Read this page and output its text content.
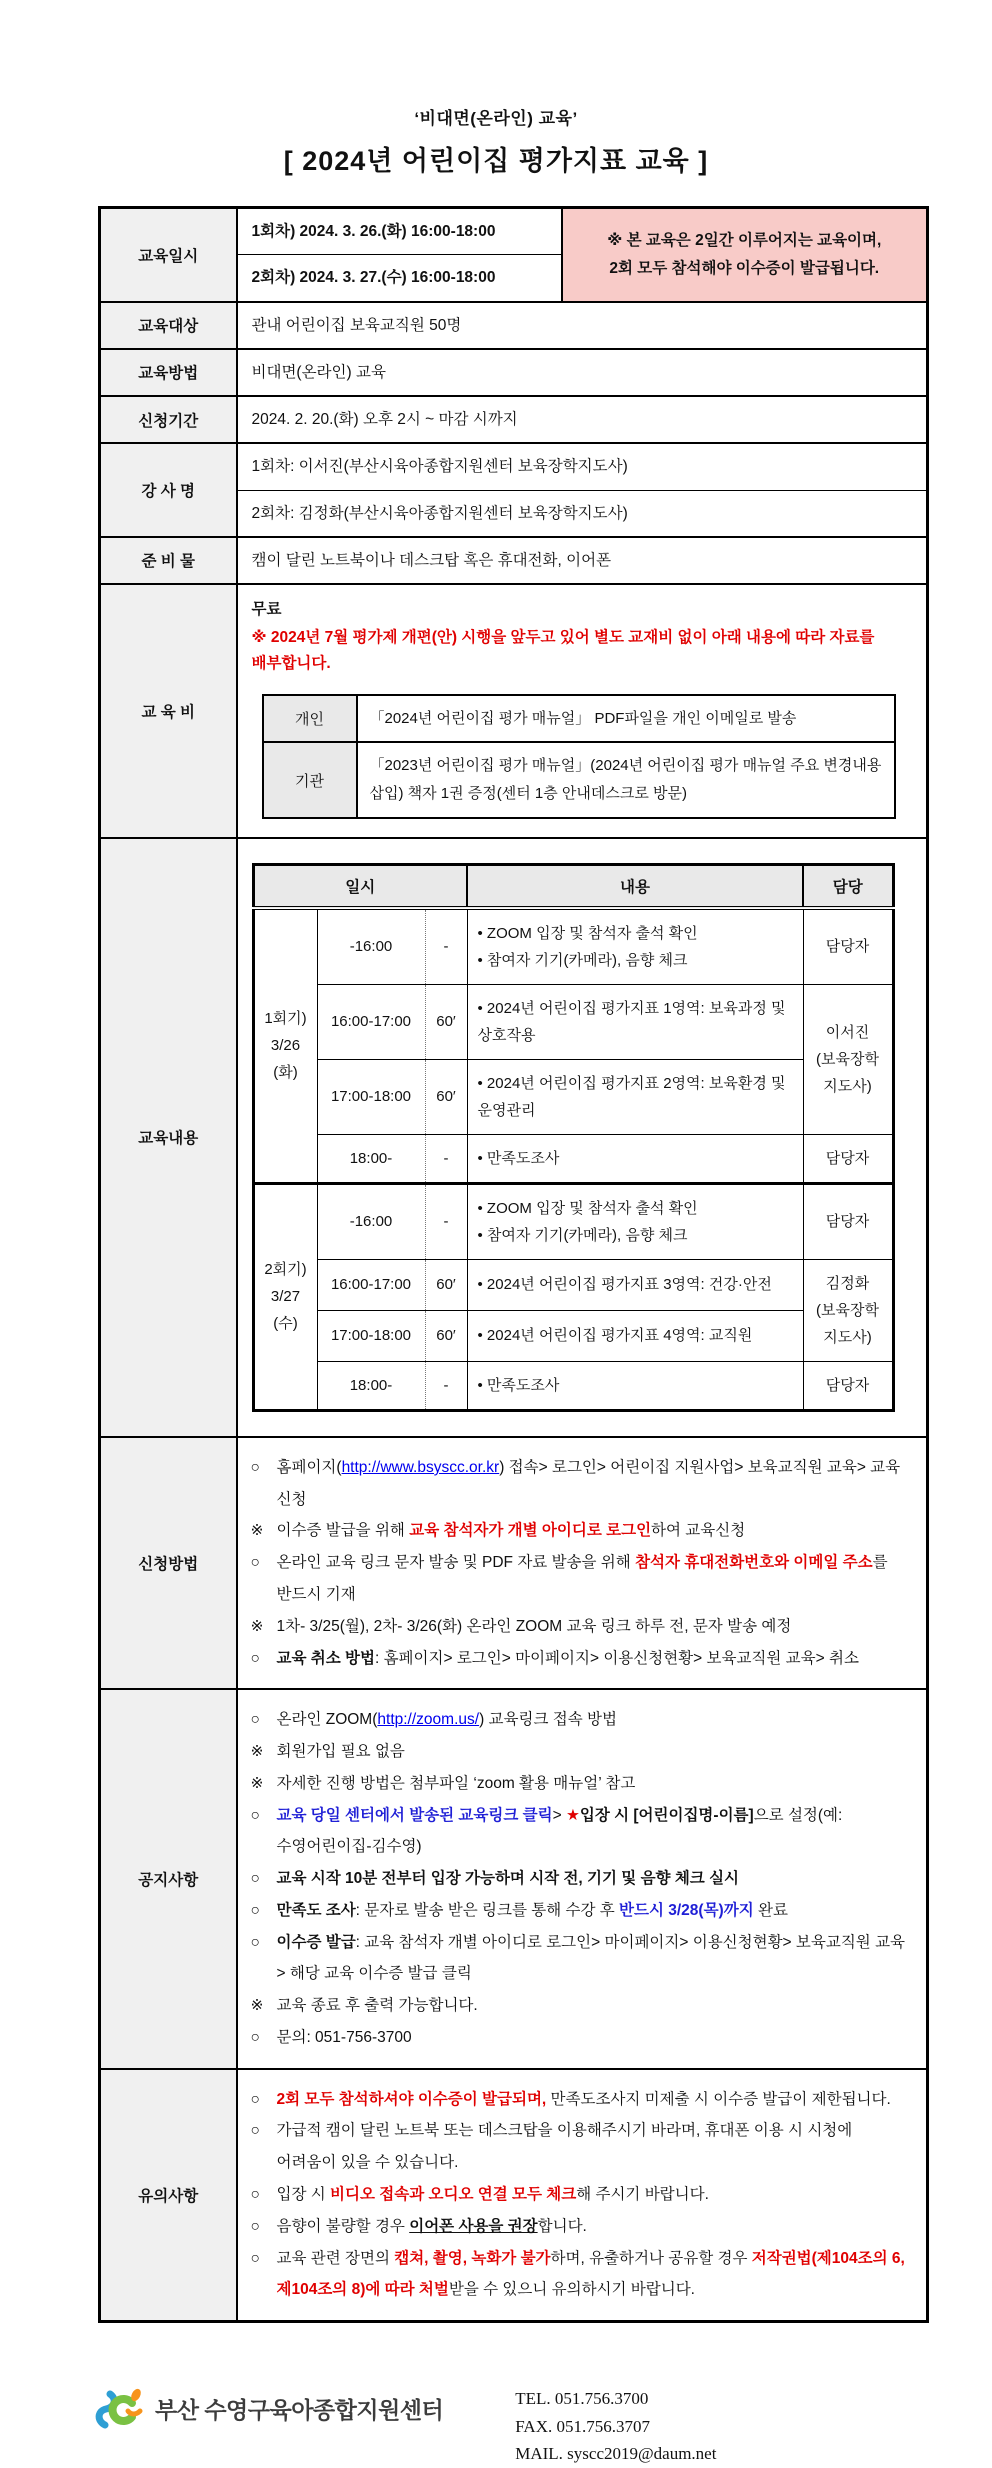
‘비대면(온라인) 교육’
[ 2024년 어린이집 평가지표 교육 ]
교육일시	1회차) 2024. 3. 26.(화) 16:00-18:00	※ 본 교육은 2일간 이루어지는 교육이며,
2회 모두 참석해야 이수증이 발급됩니다.
2회차) 2024. 3. 27.(수) 16:00-18:00
교육대상	관내 어린이집 보육교직원 50명
교육방법	비대면(온라인) 교육
신청기간	2024. 2. 20.(화) 오후 2시 ~ 마감 시까지
강 사 명	1회차: 이서진(부산시육아종합지원센터 보육장학지도사)
2회차: 김정화(부산시육아종합지원센터 보육장학지도사)
준 비 물	캠이 달린 노트북이나 데스크탑 혹은 휴대전화, 이어폰
교 육 비	
무료
※ 2024년 7월 평가제 개편(안) 시행을 앞두고 있어 별도 교재비 없이 아래 내용에 따라 자료를 배부합니다.
개인	「2024년 어린이집 평가 매뉴얼」 PDF파일을 개인 이메일로 발송
기관	「2023년 어린이집 평가 매뉴얼」(2024년 어린이집 평가 매뉴얼 주요 변경내용 삽입) 책자 1권 증정(센터 1층 안내데스크로 방문)

교육내용	
일시	내용	담당
1회기)
3/26
(화)	-16:00	-	• ZOOM 입장 및 참석자 출석 확인
• 참여자 기기(카메라), 음향 체크	담당자
16:00-17:00	60′	• 2024년 어린이집 평가지표 1영역: 보육과정 및 상호작용	이서진
(보육장학
지도사)
17:00-18:00	60′	• 2024년 어린이집 평가지표 2영역: 보육환경 및 운영관리
18:00-	-	• 만족도조사	담당자
2회기)
3/27
(수)	-16:00	-	• ZOOM 입장 및 참석자 출석 확인
• 참여자 기기(카메라), 음향 체크	담당자
16:00-17:00	60′	• 2024년 어린이집 평가지표 3영역: 건강·안전	김정화
(보육장학
지도사)
17:00-18:00	60′	• 2024년 어린이집 평가지표 4영역: 교직원
18:00-	-	• 만족도조사	담당자

신청방법	
○	홈페이지(http://www.bsyscc.or.kr) 접속> 로그인> 어린이집 지원사업> 보육교직원 교육> 교육 신청
※ 이수증 발급을 위해 교육 참석자가 개별 아이디로 로그인하여 교육신청
○	온라인 교육 링크 문자 발송 및 PDF 자료 발송을 위해 참석자 휴대전화번호와 이메일 주소를 반드시 기재
※ 1차- 3/25(월), 2차- 3/26(화) 온라인 ZOOM 교육 링크 하루 전, 문자 발송 예정
○	교육 취소 방법: 홈페이지> 로그인> 마이페이지> 이용신청현황> 보육교직원 교육> 취소

공지사항	
○	온라인 ZOOM(http://zoom.us/) 교육링크 접속 방법
※ 회원가입 필요 없음
※ 자세한 진행 방법은 첨부파일 ‘zoom 활용 매뉴얼’ 참고
○	교육 당일 센터에서 발송된 교육링크 클릭> ★입장 시 [어린이집명-이름]으로 설정(예: 수영어린이집-김수영)
○	교육 시작 10분 전부터 입장 가능하며 시작 전, 기기 및 음향 체크 실시
○	만족도 조사: 문자로 발송 받은 링크를 통해 수강 후 반드시 3/28(목)까지 완료
○	이수증 발급: 교육 참석자 개별 아이디로 로그인> 마이페이지> 이용신청현황> 보육교직원 교육> 해당 교육 이수증 발급 클릭
※ 교육 종료 후 출력 가능합니다.
○	문의: 051-756-3700

유의사항	
○	2회 모두 참석하셔야 이수증이 발급되며, 만족도조사지 미제출 시 이수증 발급이 제한됩니다.
○	가급적 캠이 달린 노트북 또는 데스크탑을 이용해주시기 바라며, 휴대폰 이용 시 시청에 어려움이 있을 수 있습니다.
○	입장 시 비디오 접속과 오디오 연결 모두 체크해 주시기 바랍니다.
○	음향이 불량할 경우 이어폰 사용을 권장합니다.
○	교육 관련 장면의 캡쳐, 촬영, 녹화가 불가하며, 유출하거나 공유할 경우 저작권법(제104조의 6, 제104조의 8)에 따라 처벌받을 수 있으니 유의하시기 바랍니다.
부산 수영구육아종합지원센터	TEL. 051.756.3700
FAX. 051.756.3707
MAIL. syscc2019@daum.net
